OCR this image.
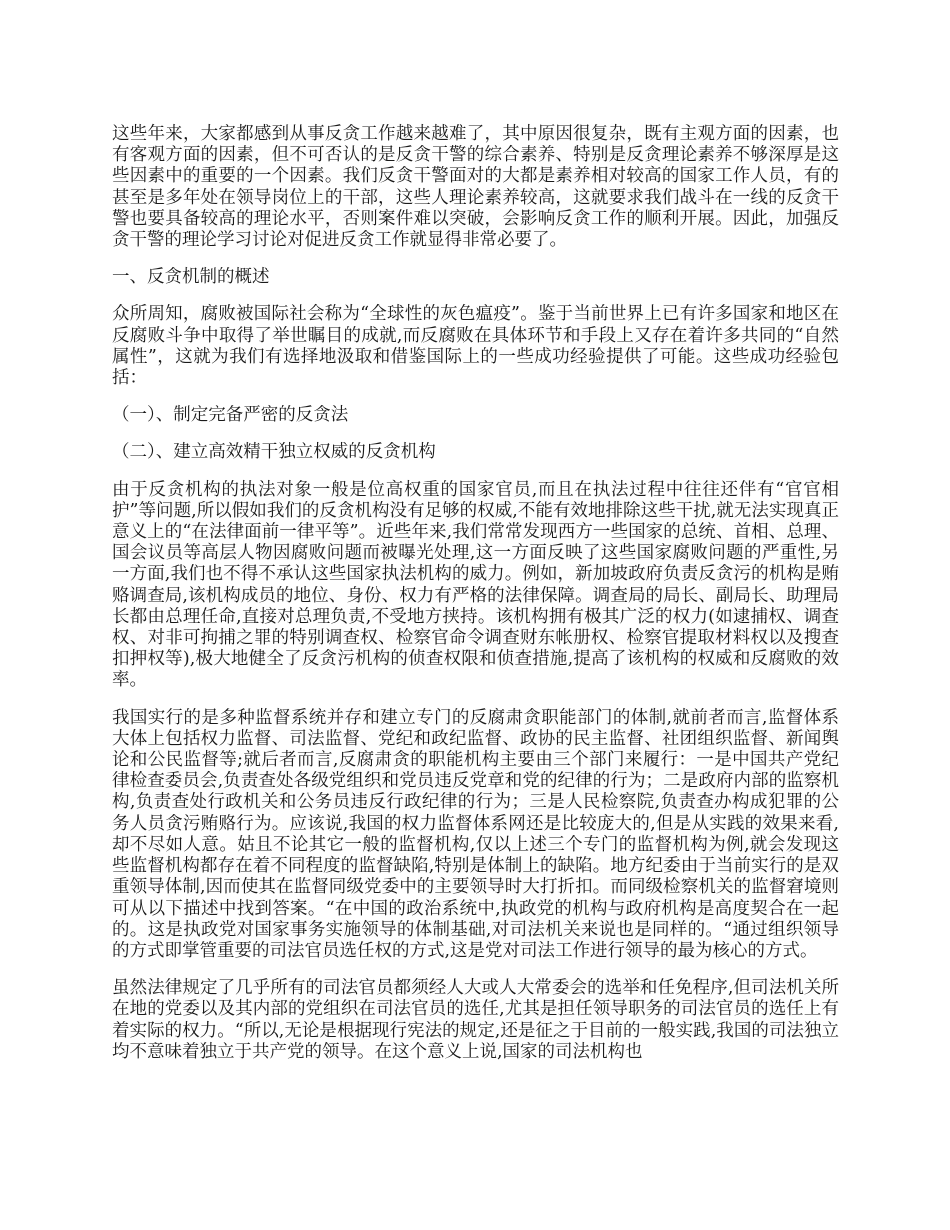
这些年来，大家都感到从事反贪工作越来越难了，其中原因很复杂，既有主观方面的因素，也有客观方面的因素，但不可否认的是反贪干警的综合素养、特别是反贪理论素养不够深厚是这些因素中的重要的一个因素。我们反贪干警面对的大都是素养相对较高的国家工作人员，有的甚至是多年处在领导岗位上的干部，这些人理论素养较高，这就要求我们战斗在一线的反贪干警也要具备较高的理论水平，否则案件难以突破，会影响反贪工作的顺利开展。因此，加强反贪干警的理论学习讨论对促进反贪工作就显得非常必要了。

一、反贪机制的概述

众所周知，腐败被国际社会称为“全球性的灰色瘟疫”。鉴于当前世界上已有许多国家和地区在反腐败斗争中取得了举世瞩目的成就,而反腐败在具体环节和手段上又存在着许多共同的“自然属性”，这就为我们有选择地汲取和借鉴国际上的一些成功经验提供了可能。这些成功经验包括：

（一）、制定完备严密的反贪法

（二）、建立高效精干独立权威的反贪机构

由于反贪机构的执法对象一般是位高权重的国家官员,而且在执法过程中往往还伴有“官官相护”等问题,所以假如我们的反贪机构没有足够的权威,不能有效地排除这些干扰,就无法实现真正意义上的“在法律面前一律平等”。近些年来,我们常常发现西方一些国家的总统、首相、总理、国会议员等高层人物因腐败问题而被曝光处理,这一方面反映了这些国家腐败问题的严重性,另一方面,我们也不得不承认这些国家执法机构的威力。例如，新加坡政府负责反贪污的机构是贿赂调查局,该机构成员的地位、身份、权力有严格的法律保障。调查局的局长、副局长、助理局长都由总理任命,直接对总理负责,不受地方挟持。该机构拥有极其广泛的权力(如逮捕权、调查权、对非可拘捕之罪的特别调查权、检察官命令调查财东帐册权、检察官提取材料权以及搜查扣押权等),极大地健全了反贪污机构的侦查权限和侦查措施,提高了该机构的权威和反腐败的效率。

我国实行的是多种监督系统并存和建立专门的反腐肃贪职能部门的体制,就前者而言,监督体系大体上包括权力监督、司法监督、党纪和政纪监督、政协的民主监督、社团组织监督、新闻舆论和公民监督等;就后者而言,反腐肃贪的职能机构主要由三个部门来履行：一是中国共产党纪律检查委员会,负责查处各级党组织和党员违反党章和党的纪律的行为；二是政府内部的监察机构,负责查处行政机关和公务员违反行政纪律的行为；三是人民检察院,负责查办构成犯罪的公务人员贪污贿赂行为。应该说,我国的权力监督体系网还是比较庞大的,但是从实践的效果来看,却不尽如人意。姑且不论其它一般的监督机构,仅以上述三个专门的监督机构为例,就会发现这些监督机构都存在着不同程度的监督缺陷,特别是体制上的缺陷。地方纪委由于当前实行的是双重领导体制,因而使其在监督同级党委中的主要领导时大打折扣。而同级检察机关的监督窘境则可从以下描述中找到答案。“在中国的政治系统中,执政党的机构与政府机构是高度契合在一起的。这是执政党对国家事务实施领导的体制基础,对司法机关来说也是同样的。“通过组织领导的方式即掌管重要的司法官员选任权的方式,这是党对司法工作进行领导的最为核心的方式。

虽然法律规定了几乎所有的司法官员都须经人大或人大常委会的选举和任免程序,但司法机关所在地的党委以及其内部的党组织在司法官员的选任,尤其是担任领导职务的司法官员的选任上有着实际的权力。“所以,无论是根据现行宪法的规定,还是征之于目前的一般实践,我国的司法独立均不意味着独立于共产党的领导。在这个意义上说,国家的司法机构也
